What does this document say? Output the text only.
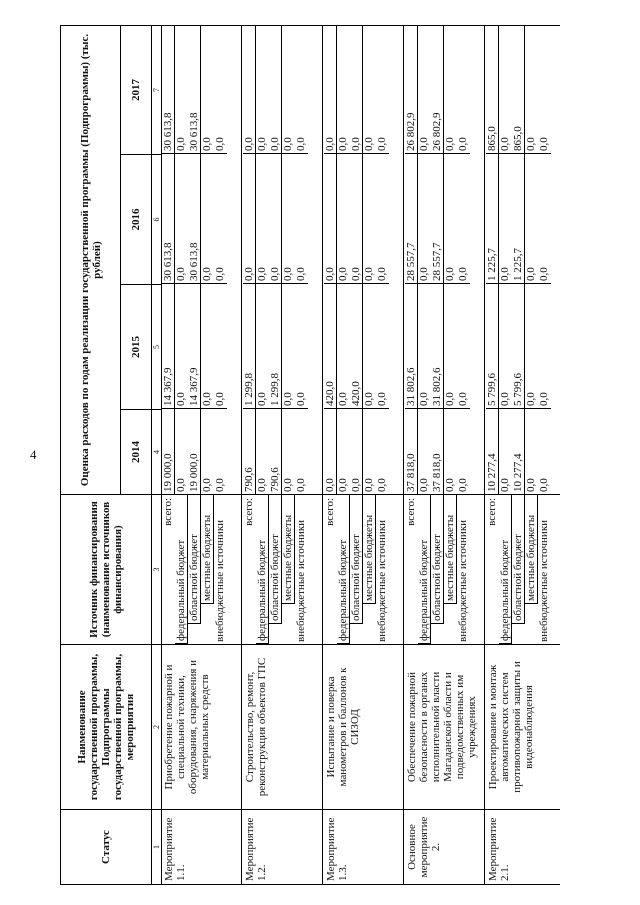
4
Статус
Наименование государственной программы, Подпрограммы государственной программы, мероприятия
Источник финансирования (наименование источников финансирования)
Оценка расходов по годам реализации государственной программы (Подпрограммы) (тыс. рублей)
2014
2015
2016
2017
1
2
3
4
5
6
7
Мероприятие 1.1.
Приобретение пожарной и специальной техники, оборудования, снаряжения и материальных средств
всего:
федеральный бюджет областной бюджет местные бюджеты внебюджетные источники
19 000,0
14 367,9
30 613,8
30 613,8
0,0
0,0
0,0
0,0
19 000,0
14 367,9
30 613,8
30 613,8
0,0
0,0
0,0
0,0
0,0
0,0
0,0
0,0
Мероприятие 1.2.
Строительство, ремонт, реконструкция объектов ГПС
всего:
федеральный бюджет областной бюджет местные бюджеты внебюджетные источники
790,6
1 299,8
0,0
0,0
0,0
0,0
0,0
0,0
790,6
1 299,8
0,0
0,0
0,0
0,0
0,0
0,0
0,0
0,0
0,0
0,0
Мероприятие 1.3.
Испытание и поверка манометров и баллонов к СИЗОД
всего:
федеральный бюджет областной бюджет местные бюджеты внебюджетные источники
0,0
420,0
0,0
0,0
0,0
0,0
0,0
0,0
0,0
420,0
0,0
0,0
0,0
0,0
0,0
0,0
0,0
0,0
0,0
0,0
Основное мероприятие 2.
Обеспечение пожарной безопасности в органах исполнительной власти Магаданской области и подведомственных им учреждениях
всего:
федеральный бюджет областной бюджет местные бюджеты внебюджетные источники
37 818,0
31 802,6
28 557,7
26 802,9
0,0
0,0
0,0
0,0
37 818,0
31 802,6
28 557,7
26 802,9
0,0
0,0
0,0
0,0
0,0
0,0
0,0
0,0
Мероприятие 2.1.
Проектирование и монтаж автоматических систем противопожарной защиты и видеонаблюдения
всего:
федеральный бюджет областной бюджет местные бюджеты внебюджетные источники
10 277,4
5 799,6
1 225,7
865,0
0,0
0,0
0,0
0,0
10 277,4
5 799,6
1 225,7
865,0
0,0
0,0
0,0
0,0
0,0
0,0
0,0
0,0
